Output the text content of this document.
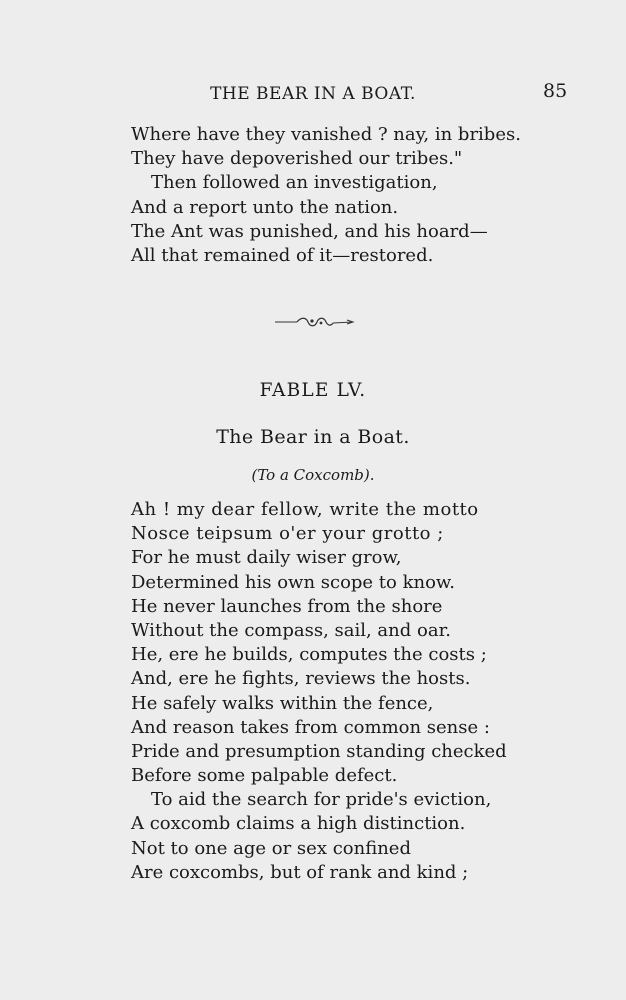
THE BEAR IN A BOAT.	85
Where have they vanished ? nay, in bribes.
They have depoverished our tribes."
Then followed an investigation,
And a report unto the nation.
The Ant was punished, and his hoard—
All that remained of it—restored.
FABLE LV.
The Bear in a Boat.
(To a Coxcomb).
Ah ! my dear fellow, write the motto
Nosce teipsum o'er your grotto ;
For he must daily wiser grow,
Determined his own scope to know.
He never launches from the shore
Without the compass, sail, and oar.
He, ere he builds, computes the costs ;
And, ere he fights, reviews the hosts.
He safely walks within the fence,
And reason takes from common sense :
Pride and presumption standing checked
Before some palpable defect.
To aid the search for pride's eviction,
A coxcomb claims a high distinction.
Not to one age or sex confined
Are coxcombs, but of rank and kind ;
